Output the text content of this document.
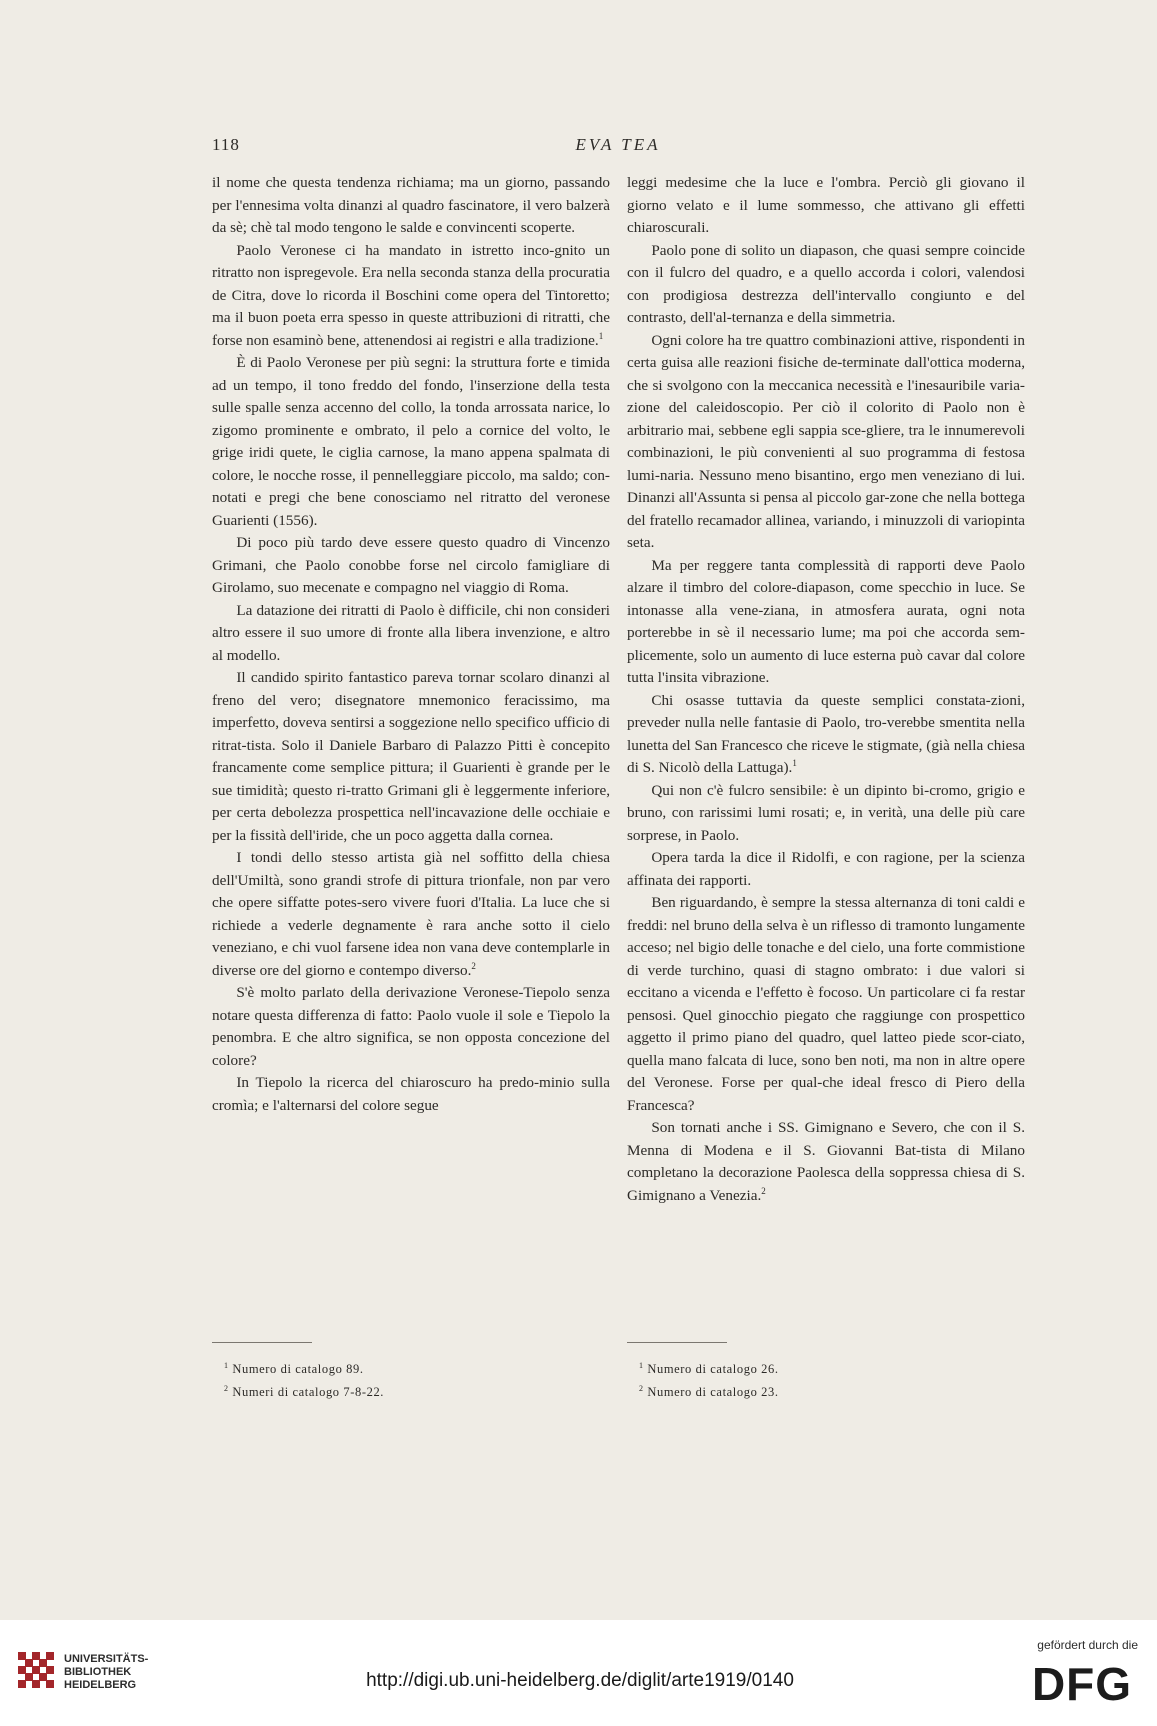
118	EVA TEA

il nome che questa tendenza richiama; ma un giorno, passando per l'ennesima volta dinanzi al quadro fascinatore, il vero balzerà da sè; chè tal modo tengono le salde e convincenti scoperte.

Paolo Veronese ci ha mandato in istretto inco-gnito un ritratto non ispregevole. Era nella seconda stanza della procuratia de Citra, dove lo ricorda il Boschini come opera del Tintoretto; ma il buon poeta erra spesso in queste attribuzioni di ritratti, che forse non esaminò bene, attenendosi ai registri e alla tradizione.$^1$

È di Paolo Veronese per più segni: la struttura forte e timida ad un tempo, il tono freddo del fondo, l'inserzione della testa sulle spalle senza accenno del collo, la tonda arrossata narice, lo zigomo prominente e ombrato, il pelo a cornice del volto, le grige iridi quete, le ciglia carnose, la mano appena spalmata di colore, le nocche rosse, il pennelleggiare piccolo, ma saldo; con-notati e pregi che bene conosciamo nel ritratto del veronese Guarienti (1556).

Di poco più tardo deve essere questo quadro di Vincenzo Grimani, che Paolo conobbe forse nel circolo famigliare di Girolamo, suo mecenate e compagno nel viaggio di Roma.

La datazione dei ritratti di Paolo è difficile, chi non consideri altro essere il suo umore di fronte alla libera invenzione, e altro al modello.

Il candido spirito fantastico pareva tornar scolaro dinanzi al freno del vero; disegnatore mnemonico feracissimo, ma imperfetto, doveva sentirsi a soggezione nello specifico ufficio di ritrat-tista. Solo il Daniele Barbaro di Palazzo Pitti è concepito francamente come semplice pittura; il Guarienti è grande per le sue timidità; questo ri-tratto Grimani gli è leggermente inferiore, per certa debolezza prospettica nell'incavazione delle occhiaie e per la fissità dell'iride, che un poco aggetta dalla cornea.

I tondi dello stesso artista già nel soffitto della chiesa dell'Umiltà, sono grandi strofe di pittura trionfale, non par vero che opere siffatte potes-sero vivere fuori d'Italia. La luce che si richiede a vederle degnamente è rara anche sotto il cielo veneziano, e chi vuol farsene idea non vana deve contemplarle in diverse ore del giorno e contempo diverso.$^2$

S'è molto parlato della derivazione Veronese-Tiepolo senza notare questa differenza di fatto: Paolo vuole il sole e Tiepolo la penombra. E che altro significa, se non opposta concezione del colore?

In Tiepolo la ricerca del chiaroscuro ha predo-minio sulla cromìa; e l'alternarsi del colore segue

leggi medesime che la luce e l'ombra. Perciò gli giovano il giorno velato e il lume sommesso, che attivano gli effetti chiaroscurali.

Paolo pone di solito un diapason, che quasi sempre coincide con il fulcro del quadro, e a quello accorda i colori, valendosi con prodigiosa destrezza dell'intervallo congiunto e del contrasto, dell'al-ternanza e della simmetria.

Ogni colore ha tre quattro combinazioni attive, rispondenti in certa guisa alle reazioni fisiche de-terminate dall'ottica moderna, che si svolgono con la meccanica necessità e l'inesauribile varia-zione del caleidoscopio. Per ciò il colorito di Paolo non è arbitrario mai, sebbene egli sappia sce-gliere, tra le innumerevoli combinazioni, le più convenienti al suo programma di festosa lumi-naria. Nessuno meno bisantino, ergo men veneziano di lui. Dinanzi all'Assunta si pensa al piccolo gar-zone che nella bottega del fratello recamador allinea, variando, i minuzzoli di variopinta seta.

Ma per reggere tanta complessità di rapporti deve Paolo alzare il timbro del colore-diapason, come specchio in luce. Se intonasse alla vene-ziana, in atmosfera aurata, ogni nota porterebbe in sè il necessario lume; ma poi che accorda sem-plicemente, solo un aumento di luce esterna può cavar dal colore tutta l'insita vibrazione.

Chi osasse tuttavia da queste semplici constata-zioni, preveder nulla nelle fantasie di Paolo, tro-verebbe smentita nella lunetta del San Francesco che riceve le stigmate, (già nella chiesa di S. Nicolò della Lattuga).$^1$

Qui non c'è fulcro sensibile: è un dipinto bi-cromo, grigio e bruno, con rarissimi lumi rosati; e, in verità, una delle più care sorprese, in Paolo.

Opera tarda la dice il Ridolfi, e con ragione, per la scienza affinata dei rapporti.

Ben riguardando, è sempre la stessa alternanza di toni caldi e freddi: nel bruno della selva è un riflesso di tramonto lungamente acceso; nel bigio delle tonache e del cielo, una forte commistione di verde turchino, quasi di stagno ombrato: i due valori si eccitano a vicenda e l'effetto è focoso. Un particolare ci fa restar pensosi. Quel ginocchio piegato che raggiunge con prospettico aggetto il primo piano del quadro, quel latteo piede scor-ciato, quella mano falcata di luce, sono ben noti, ma non in altre opere del Veronese. Forse per qual-che ideal fresco di Piero della Francesca?

Son tornati anche i SS. Gimignano e Severo, che con il S. Menna di Modena e il S. Giovanni Bat-tista di Milano completano la decorazione Paolesca della soppressa chiesa di S. Gimignano a Venezia.$^2$

$^1$ Numero di catalogo 89.
$^2$ Numeri di catalogo 7-8-22.
$^1$ Numero di catalogo 26.
$^2$ Numero di catalogo 23.
UNIVERSITÄTS-
BIBLIOTHEK
HEIDELBERG	http://digi.ub.uni-heidelberg.de/diglit/arte1919/0140
gefördert durch die
DFG
